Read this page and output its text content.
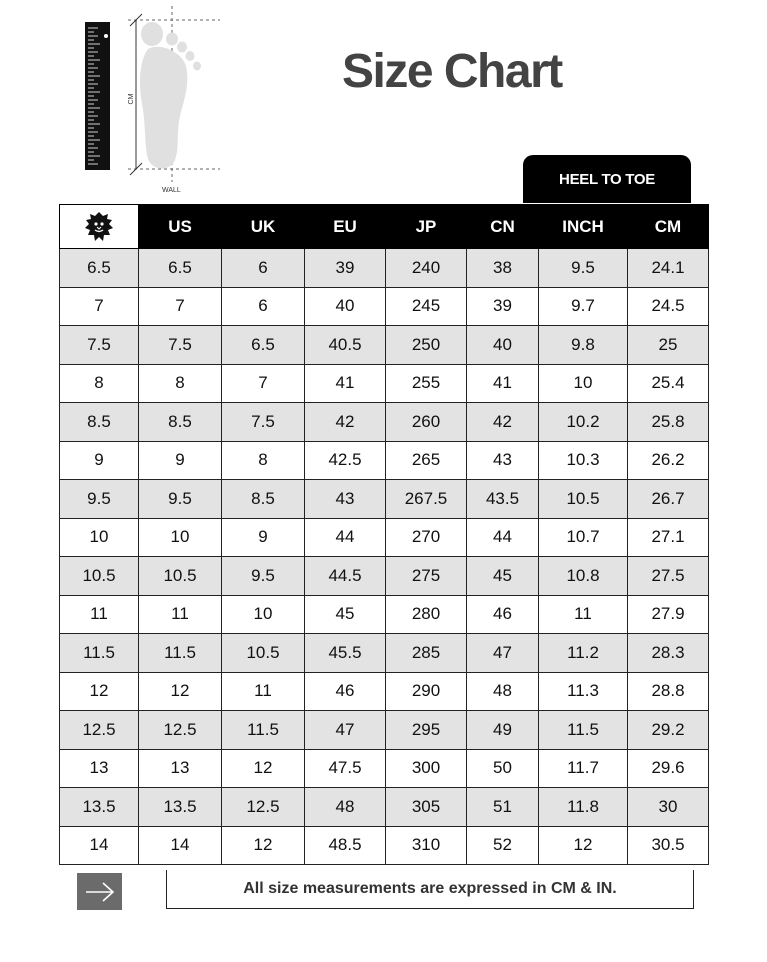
CM
WALL
Size Chart
HEEL TO TOE
	US	UK	EU	JP	CN	INCH	CM
6.5	6.5	6	39	240	38	9.5	24.1
7	7	6	40	245	39	9.7	24.5
7.5	7.5	6.5	40.5	250	40	9.8	25
8	8	7	41	255	41	10	25.4
8.5	8.5	7.5	42	260	42	10.2	25.8
9	9	8	42.5	265	43	10.3	26.2
9.5	9.5	8.5	43	267.5	43.5	10.5	26.7
10	10	9	44	270	44	10.7	27.1
10.5	10.5	9.5	44.5	275	45	10.8	27.5
11	11	10	45	280	46	11	27.9
11.5	11.5	10.5	45.5	285	47	11.2	28.3
12	12	11	46	290	48	11.3	28.8
12.5	12.5	11.5	47	295	49	11.5	29.2
13	13	12	47.5	300	50	11.7	29.6
13.5	13.5	12.5	48	305	51	11.8	30
14	14	12	48.5	310	52	12	30.5
All size measurements are expressed in CM & IN.
